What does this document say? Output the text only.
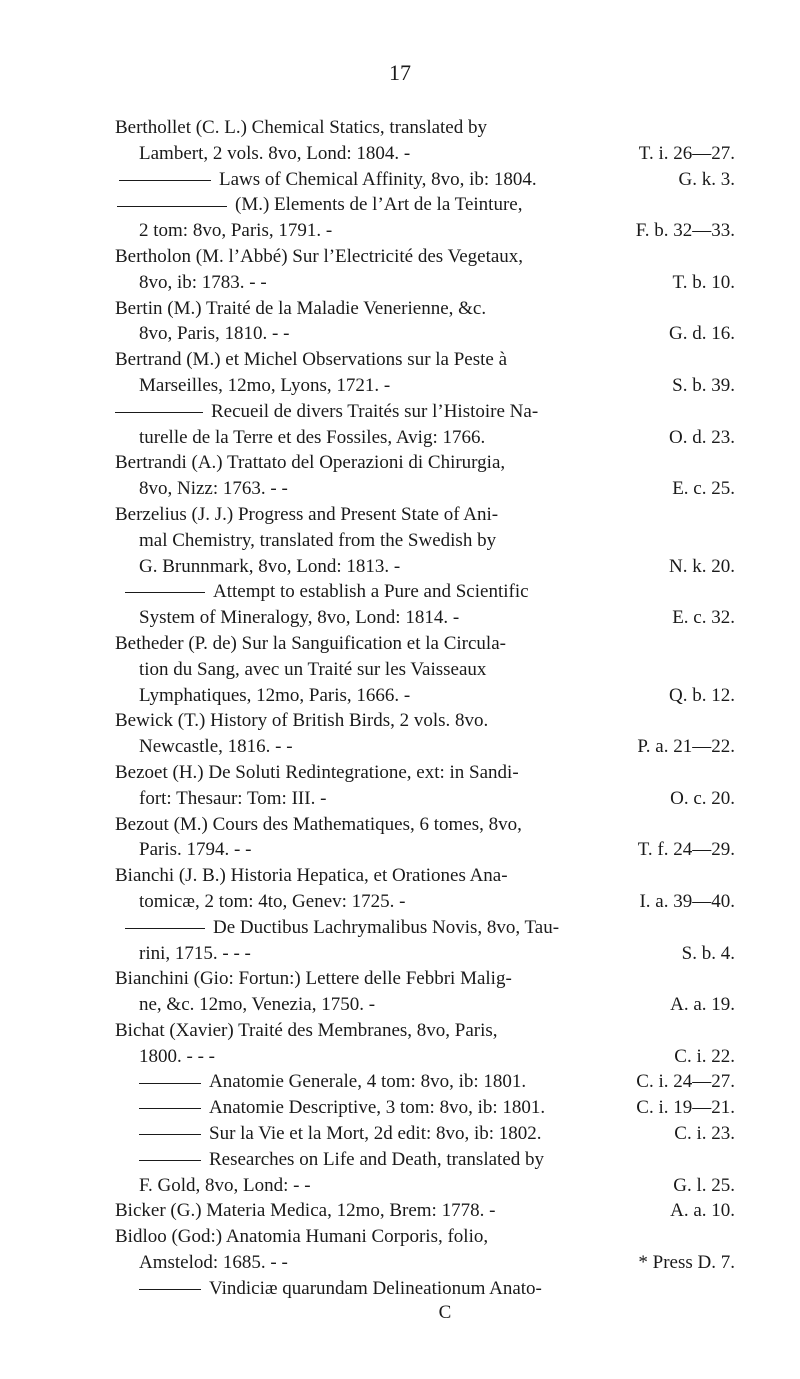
17
Berthollet (C. L.) Chemical Statics, translated by
Lambert, 2 vols. 8vo, Lond: 1804. -	T. i. 26—27.
Laws of Chemical Affinity, 8vo, ib: 1804.	G. k. 3.
(M.) Elements de l’Art de la Teinture,
2 tom: 8vo, Paris, 1791. -	F. b. 32—33.
Bertholon (M. l’Abbé) Sur l’Electricité des Vegetaux,
8vo, ib: 1783. - -	T. b. 10.
Bertin (M.) Traité de la Maladie Venerienne, &c.
8vo, Paris, 1810. - -	G. d. 16.
Bertrand (M.) et Michel Observations sur la Peste à
Marseilles, 12mo, Lyons, 1721. -	S. b. 39.
Recueil de divers Traités sur l’Histoire Na-
turelle de la Terre et des Fossiles, Avig: 1766.	O. d. 23.
Bertrandi (A.) Trattato del Operazioni di Chirurgia,
8vo, Nizz: 1763. - -	E. c. 25.
Berzelius (J. J.) Progress and Present State of Ani-
mal Chemistry, translated from the Swedish by
G. Brunnmark, 8vo, Lond: 1813. -	N. k. 20.
Attempt to establish a Pure and Scientific
System of Mineralogy, 8vo, Lond: 1814. -	E. c. 32.
Betheder (P. de) Sur la Sanguification et la Circula-
tion du Sang, avec un Traité sur les Vaisseaux
Lymphatiques, 12mo, Paris, 1666. -	Q. b. 12.
Bewick (T.) History of British Birds, 2 vols. 8vo.
Newcastle, 1816. - -	P. a. 21—22.
Bezoet (H.) De Soluti Redintegratione, ext: in Sandi-
fort: Thesaur: Tom: III. -	O. c. 20.
Bezout (M.) Cours des Mathematiques, 6 tomes, 8vo,
Paris. 1794. - -	T. f. 24—29.
Bianchi (J. B.) Historia Hepatica, et Orationes Ana-
tomicæ, 2 tom: 4to, Genev: 1725. -	I. a. 39—40.
De Ductibus Lachrymalibus Novis, 8vo, Tau-
rini, 1715. - - -	S. b. 4.
Bianchini (Gio: Fortun:) Lettere delle Febbri Malig-
ne, &c. 12mo, Venezia, 1750. -	A. a. 19.
Bichat (Xavier) Traité des Membranes, 8vo, Paris,
1800. - - -	C. i. 22.
Anatomie Generale, 4 tom: 8vo, ib: 1801.	C. i. 24—27.
Anatomie Descriptive, 3 tom: 8vo, ib: 1801.	C. i. 19—21.
Sur la Vie et la Mort, 2d edit: 8vo, ib: 1802.	C. i. 23.
Researches on Life and Death, translated by
F. Gold, 8vo, Lond: - -	G. l. 25.
Bicker (G.) Materia Medica, 12mo, Brem: 1778. -	A. a. 10.
Bidloo (God:) Anatomia Humani Corporis, folio,
Amstelod: 1685. - -	* Press D. 7.
Vindiciæ quarundam Delineationum Anato-
C
